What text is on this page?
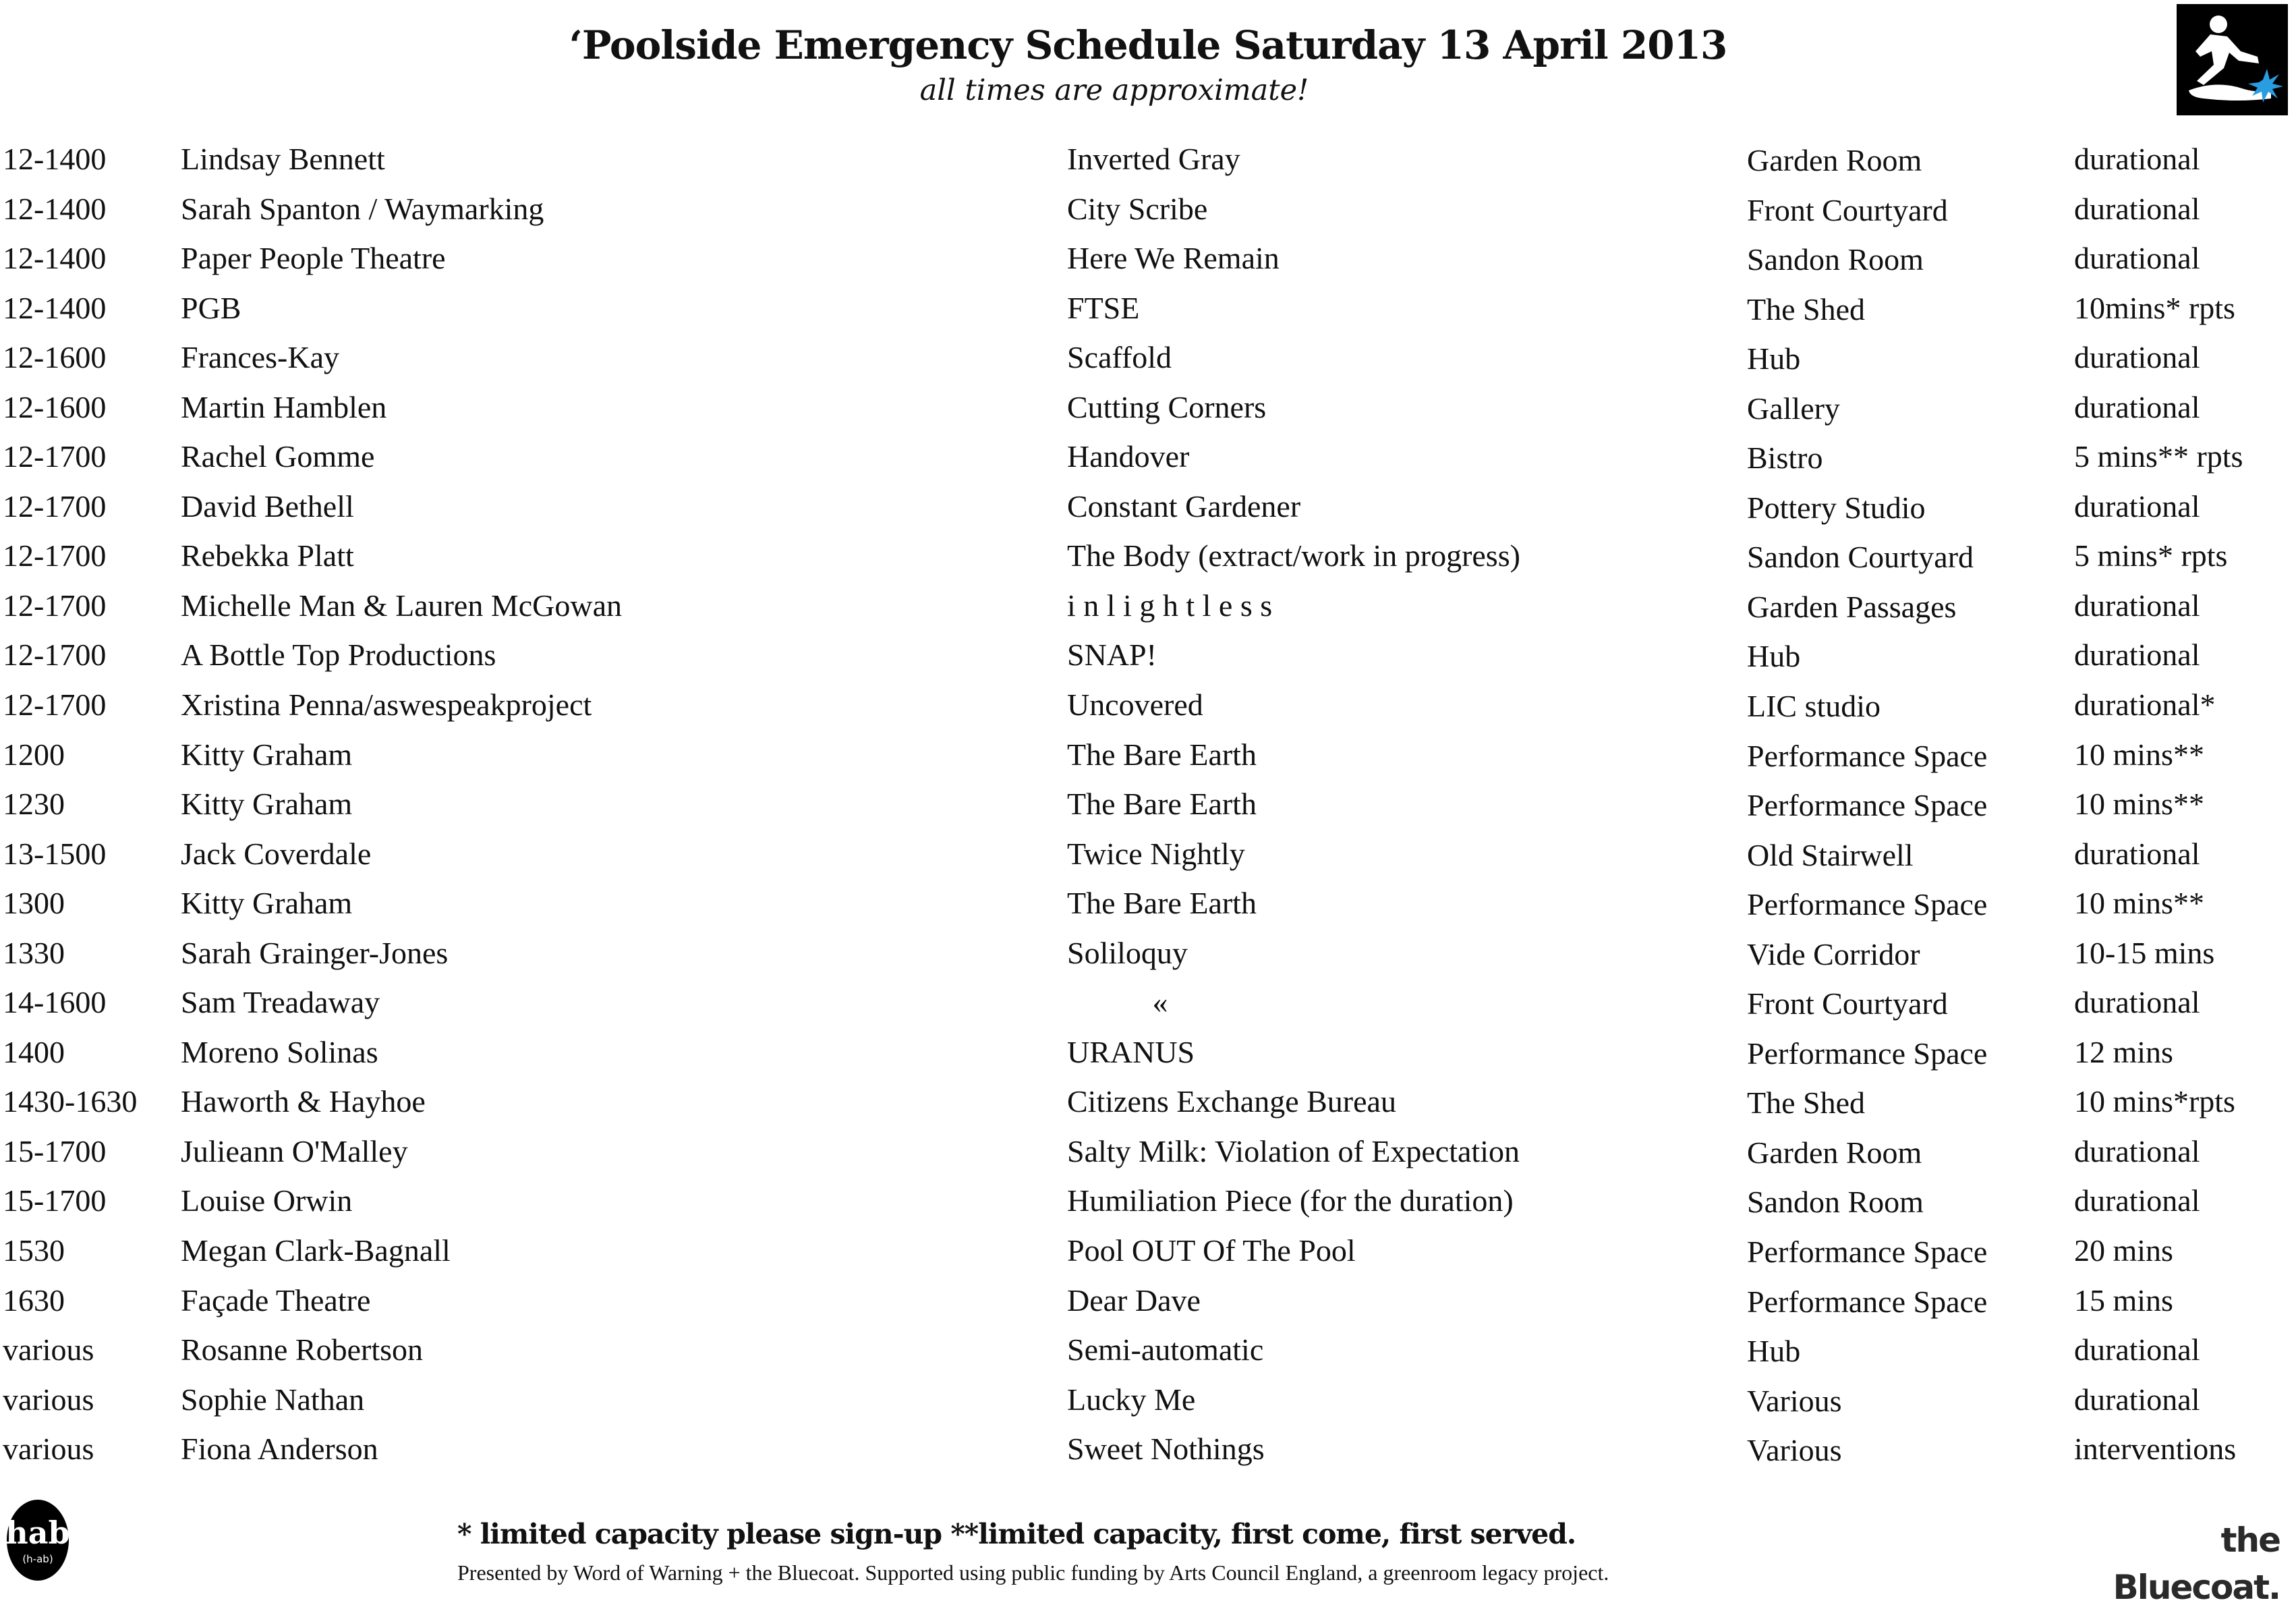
‘Poolside Emergency Schedule Saturday 13 April 2013
all times are approximate!
12-1400 Lindsay Bennett	Inverted Gray	Garden Room	durational
12-1400 Sarah Spanton / Waymarking	City Scribe	Front Courtyard	durational
12-1400 Paper People Theatre	Here We Remain	Sandon Room	durational
12-1400 PGB	FTSE	The Shed	10mins* rpts
12-1600 Frances-Kay	Scaffold	Hub	durational
12-1600 Martin Hamblen	Cutting Corners	Gallery	durational
12-1700 Rachel Gomme	Handover	Bistro	5 mins** rpts
12-1700 David Bethell	Constant Gardener	Pottery Studio	durational
12-1700 Rebekka Platt	The Body (extract/work in progress)	Sandon Courtyard	5 mins* rpts
12-1700 Michelle Man & Lauren McGowan	i n l i g h t l e s s	Garden Passages	durational
12-1700 A Bottle Top Productions	SNAP!	Hub	durational
12-1700 Xristina Penna/aswespeakproject	Uncovered	LIC studio	durational*
1200	Kitty Graham	The Bare Earth	Performance Space	10 mins**
1230	Kitty Graham	The Bare Earth	Performance Space	10 mins**
13-1500 Jack Coverdale	Twice Nightly	Old Stairwell	durational
1300	Kitty Graham	The Bare Earth	Performance Space	10 mins**
1330	Sarah Grainger-Jones	Soliloquy	Vide Corridor	10-15 mins
14-1600 Sam Treadaway	«	Front Courtyard	durational
1400	Moreno Solinas	URANUS	Performance Space	12 mins
1430-1630 Haworth & Hayhoe	Citizens Exchange Bureau	The Shed	10 mins*rpts
15-1700 Julieann O'Malley	Salty Milk: Violation of Expectation	Garden Room	durational
15-1700 Louise Orwin	Humiliation Piece (for the duration)	Sandon Room	durational
1530	Megan Clark-Bagnall	Pool OUT Of The Pool	Performance Space	20 mins
1630	Façade Theatre	Dear Dave	Performance Space	15 mins
various	Rosanne Robertson	Semi-automatic	Hub	durational
various	Sophie Nathan	Lucky Me	Various	durational
various	Fiona Anderson	Sweet Nothings	Various	interventions
hab
(h-ab)
* limited capacity please sign-up **limited capacity, first come, first served.
Presented by Word of Warning + the Bluecoat. Supported using public funding by Arts Council England, a greenroom legacy project.
the Bluecoat.
